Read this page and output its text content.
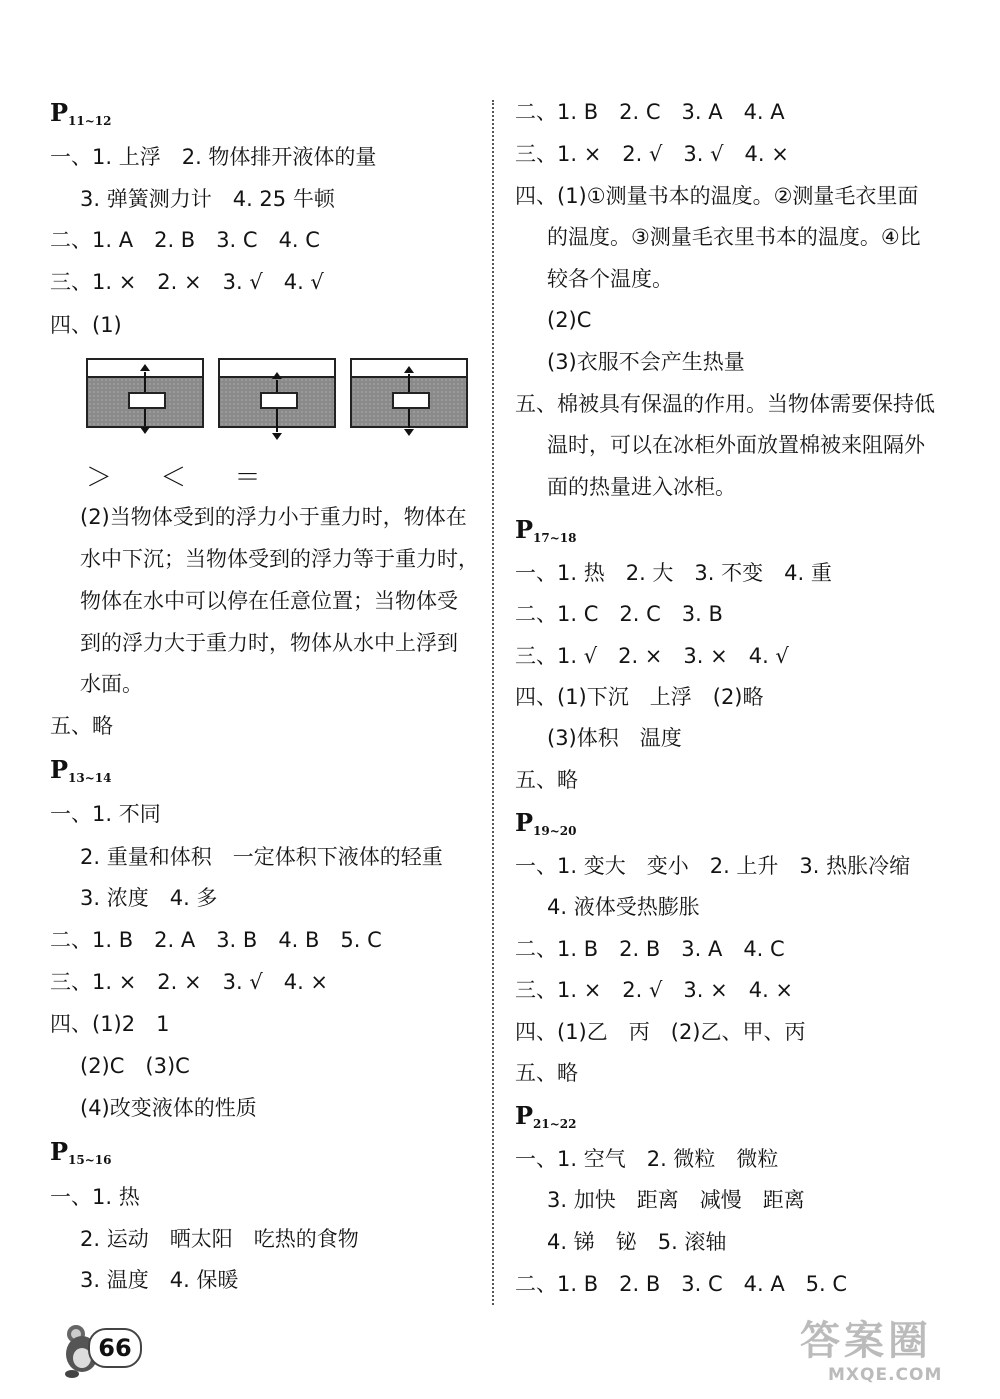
$P_{11\sim 12}$
一、1. 上浮　2. 物体排开液体的量
3. 弹簧测力计　4. 25 牛顿
二、1. A　2. B　3. C　4. C
三、1. ×　2. ×　3. √　4. √
四、(1)
＞ ＜ ＝
(2)当物体受到的浮力小于重力时，物体在
水中下沉；当物体受到的浮力等于重力时，
物体在水中可以停在任意位置；当物体受
到的浮力大于重力时，物体从水中上浮到
水面。
五、略
$P_{13\sim 14}$
一、1. 不同
2. 重量和体积　一定体积下液体的轻重
3. 浓度　4. 多
二、1. B　2. A　3. B　4. B　5. C
三、1. ×　2. ×　3. √　4. ×
四、(1)2　1
(2)C　(3)C
(4)改变液体的性质
$P_{15\sim 16}$
一、1. 热
2. 运动　晒太阳　吃热的食物
3. 温度　4. 保暖
二、1. B　2. C　3. A　4. A
三、1. ×　2. √　3. √　4. ×
四、(1)①测量书本的温度。②测量毛衣里面
的温度。③测量毛衣里书本的温度。④比
较各个温度。
(2)C
(3)衣服不会产生热量
五、棉被具有保温的作用。当物体需要保持低
温时，可以在冰柜外面放置棉被来阻隔外
面的热量进入冰柜。
$P_{17\sim 18}$
一、1. 热　2. 大　3. 不变　4. 重
二、1. C　2. C　3. B
三、1. √　2. ×　3. ×　4. √
四、(1)下沉　上浮　(2)略
(3)体积　温度
五、略
$P_{19\sim 20}$
一、1. 变大　变小　2. 上升　3. 热胀冷缩
4. 液体受热膨胀
二、1. B　2. B　3. A　4. C
三、1. ×　2. √　3. ×　4. ×
四、(1)乙　丙　(2)乙、甲、丙
五、略
$P_{21\sim 22}$
一、1. 空气　2. 微粒　微粒
3. 加快　距离　减慢　距离
4. 锑　铋　5. 滚轴
二、1. B　2. B　3. C　4. A　5. C
66	答案圈
MXQE.COM
